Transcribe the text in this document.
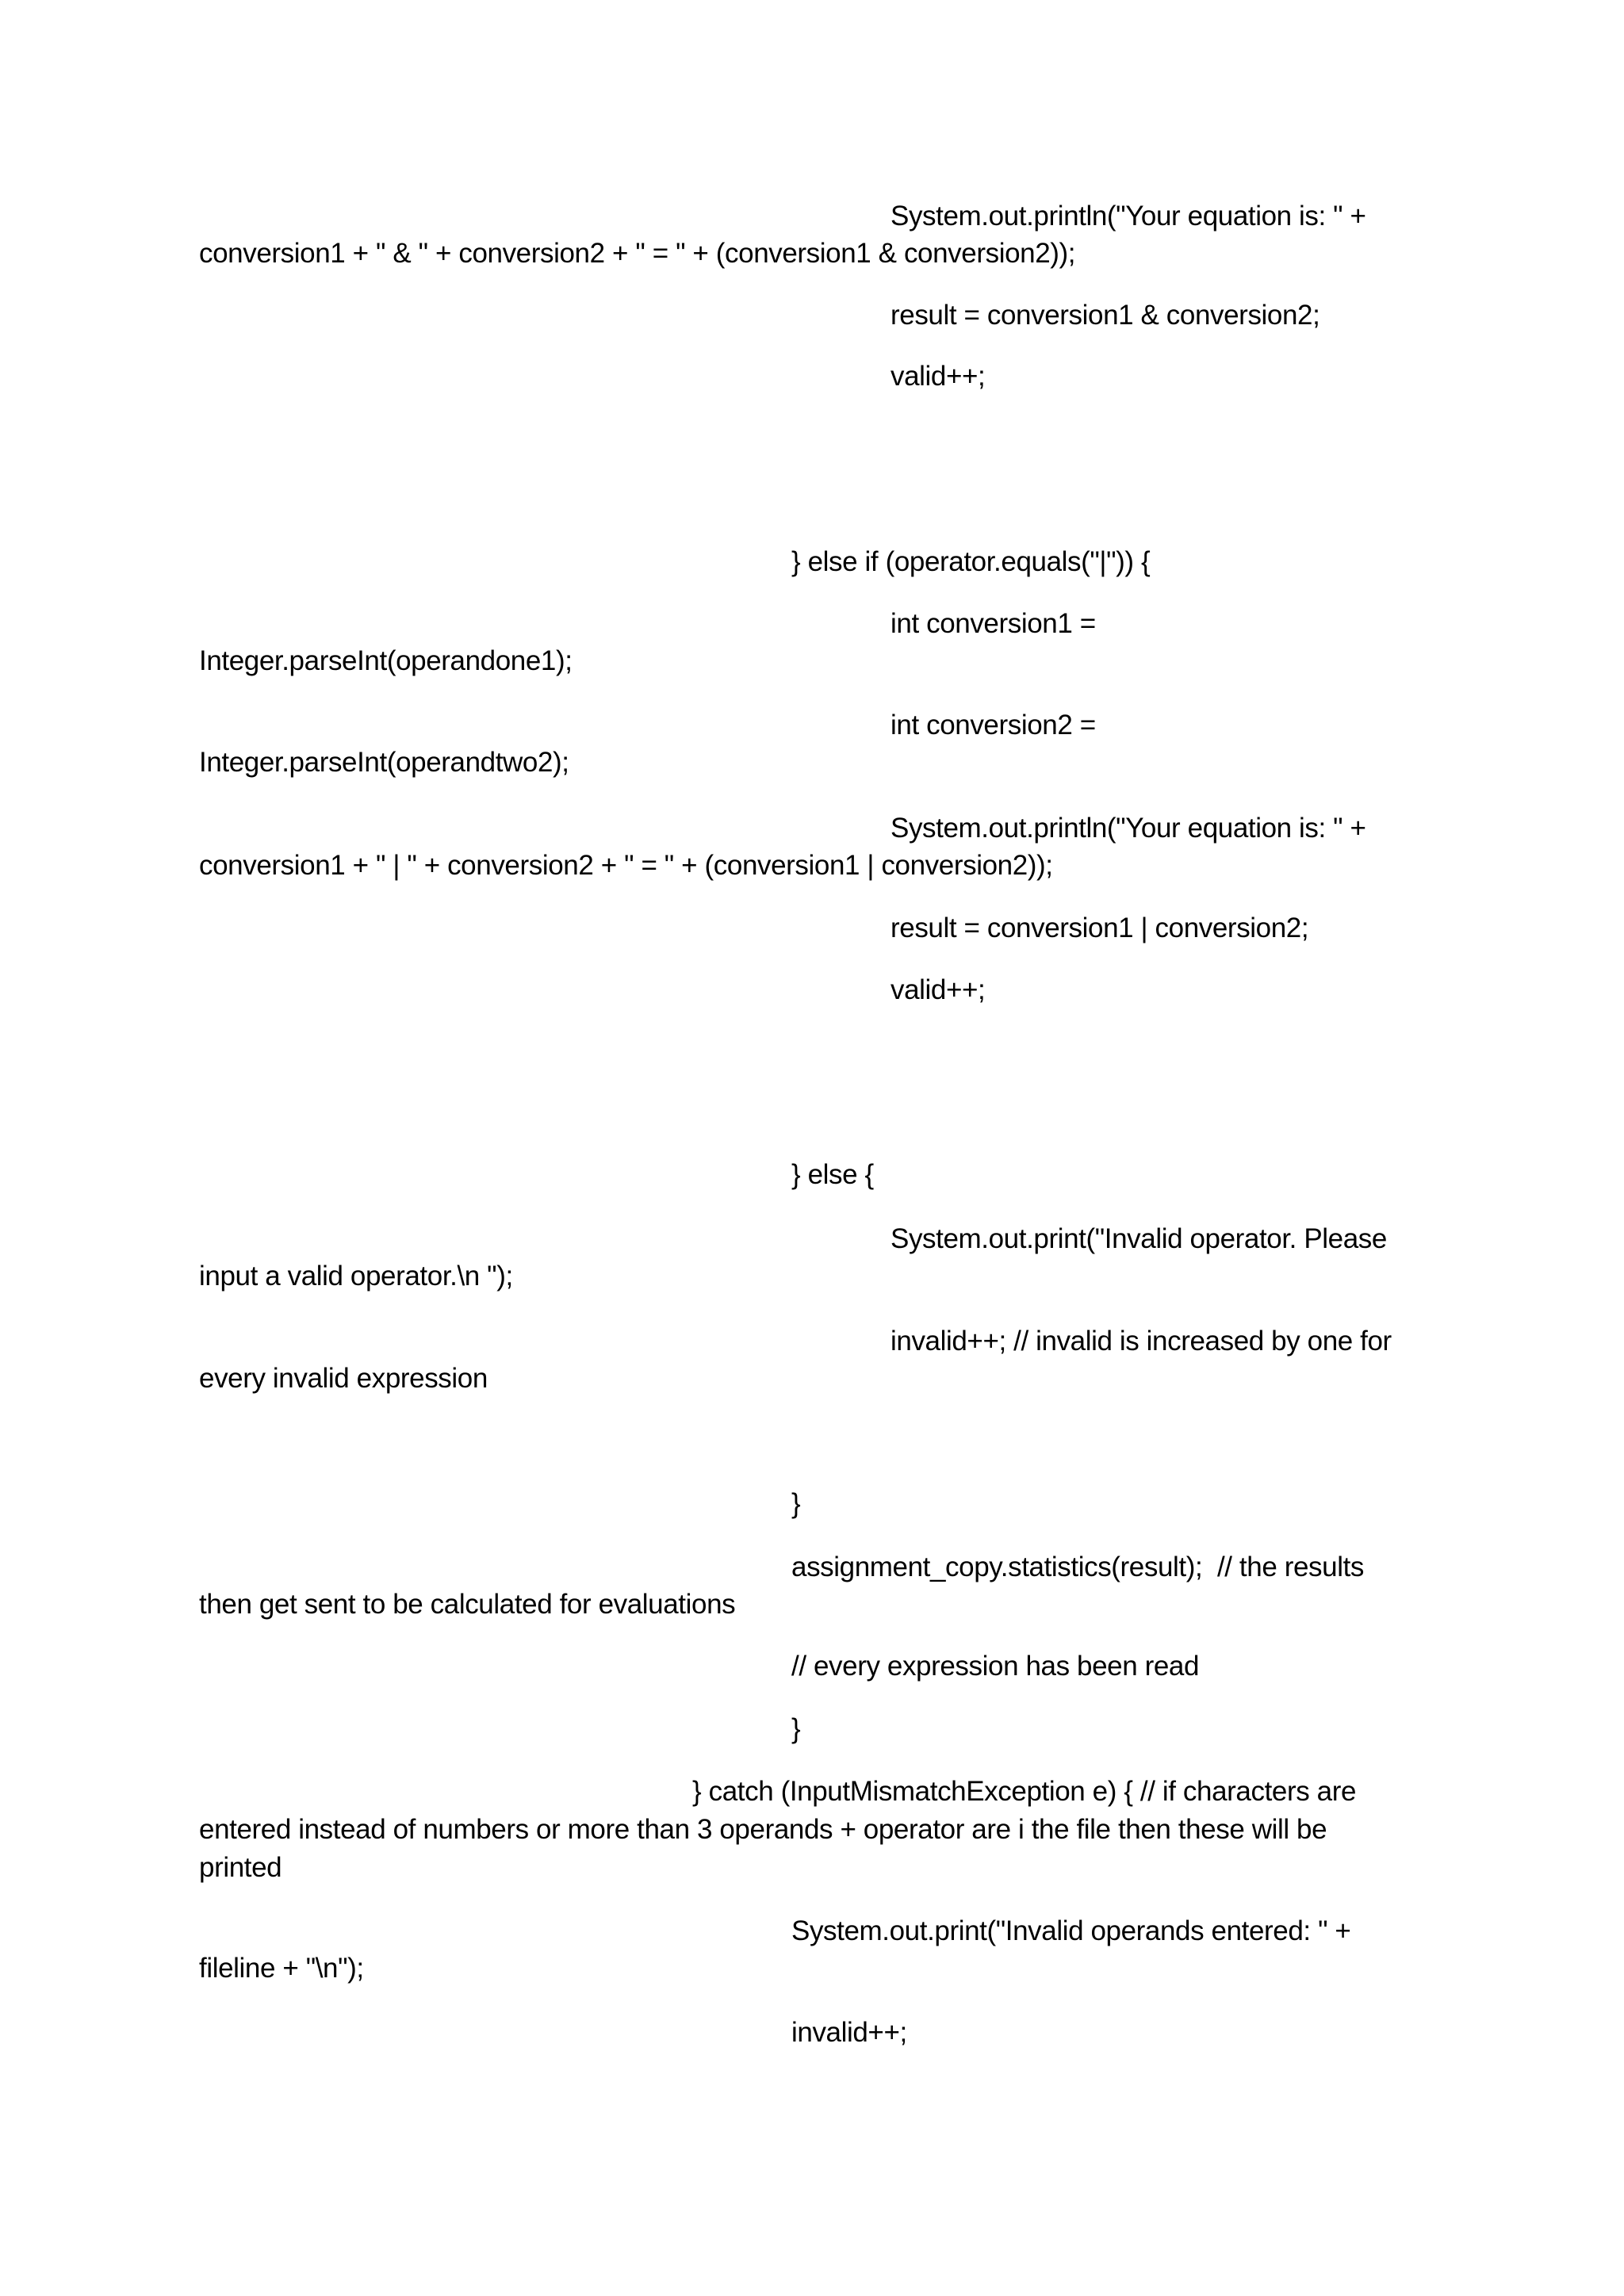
System.out.println("Your equation is: " +
conversion1 + " & " + conversion2 + " = " + (conversion1 & conversion2));
result = conversion1 & conversion2;
valid++;
} else if (operator.equals("|")) {
int conversion1 =
Integer.parseInt(operandone1);
int conversion2 =
Integer.parseInt(operandtwo2);
System.out.println("Your equation is: " +
conversion1 + " | " + conversion2 + " = " + (conversion1 | conversion2));
result = conversion1 | conversion2;
valid++;
} else {
System.out.print("Invalid operator. Please
input a valid operator.\n ");
invalid++; // invalid is increased by one for
every invalid expression
}
assignment_copy.statistics(result);  // the results
then get sent to be calculated for evaluations
// every expression has been read
}
} catch (InputMismatchException e) { // if characters are
entered instead of numbers or more than 3 operands + operator are i the file then these will be
printed
System.out.print("Invalid operands entered: " +
fileline + "\n");
invalid++;
